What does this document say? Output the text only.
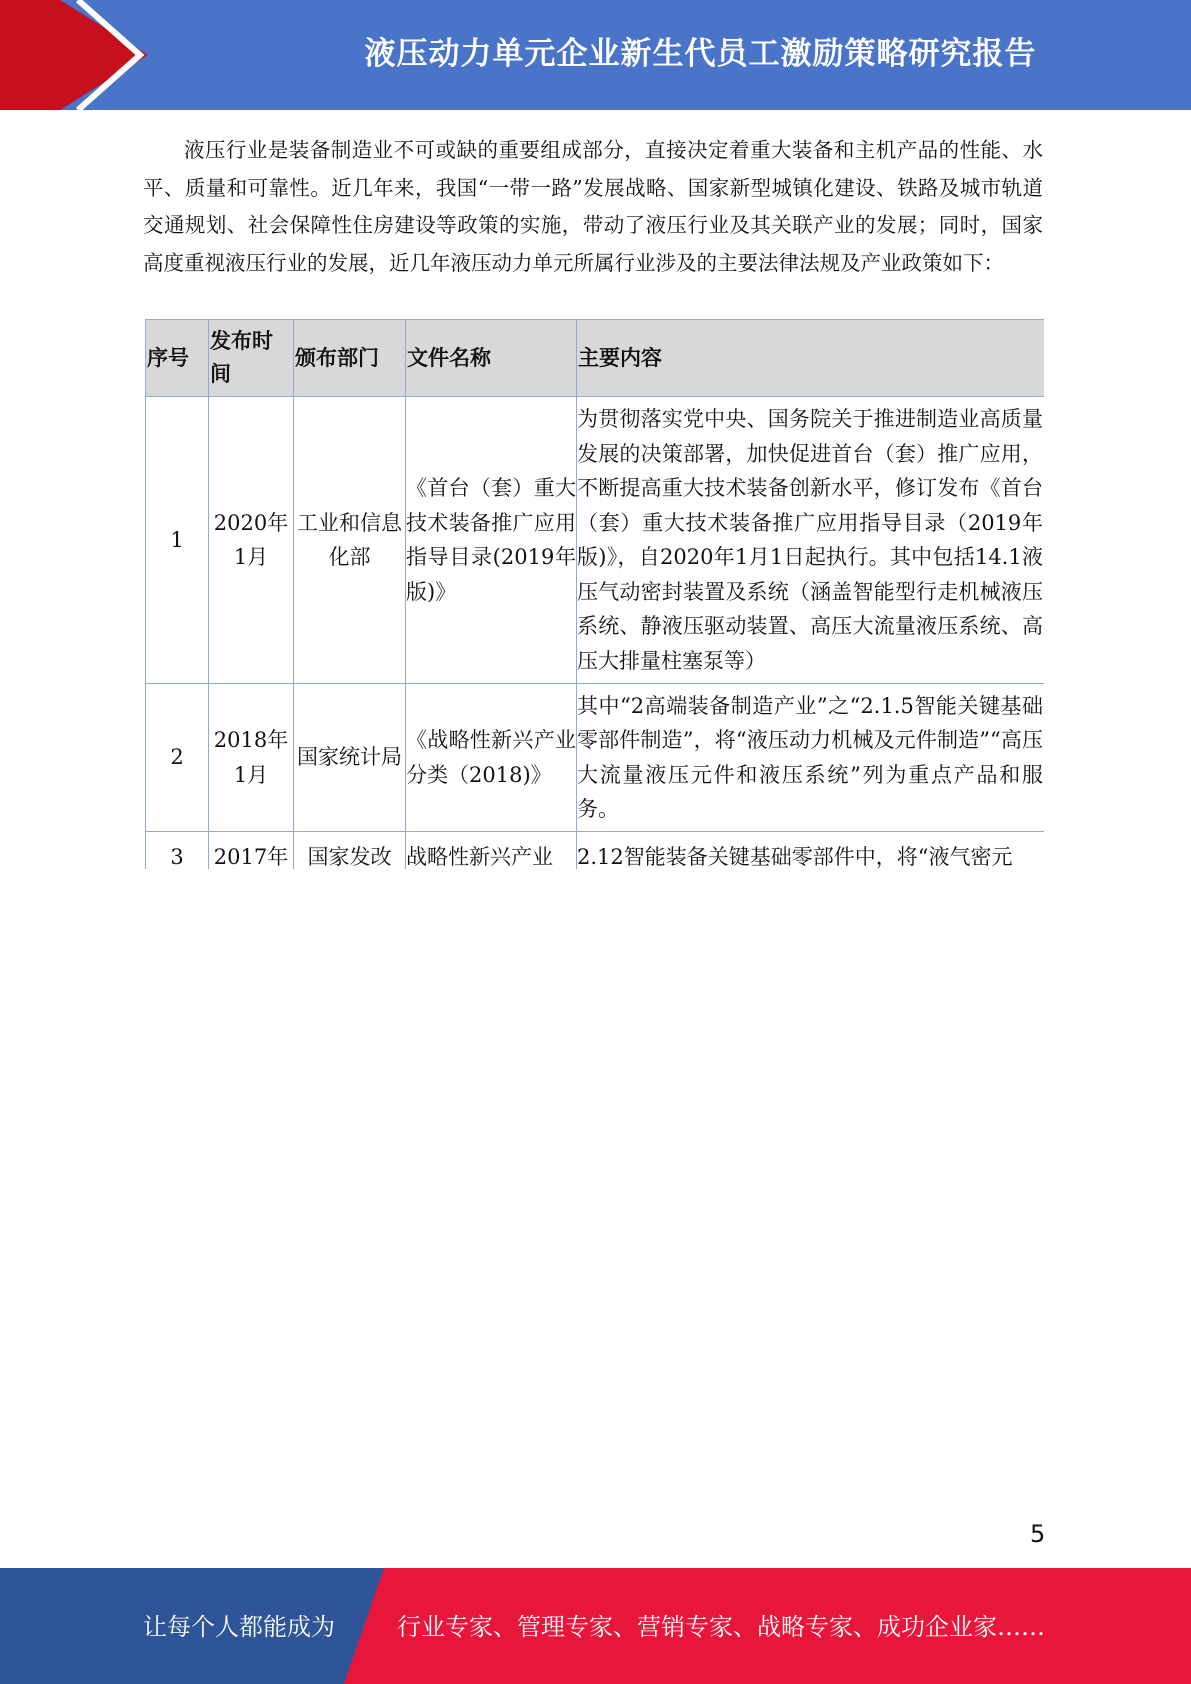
液压动力单元企业新生代员工激励策略研究报告

液压行业是装备制造业不可或缺的重要组成部分，直接决定着重大装备和主机产品的性能、水平、质量和可靠性。近几年来，我国“一带一路”发展战略、国家新型城镇化建设、铁路及城市轨道交通规划、社会保障性住房建设等政策的实施，带动了液压行业及其关联产业的发展；同时，国家高度重视液压行业的发展，近几年液压动力单元所属行业涉及的主要法律法规及产业政策如下：

序号	发布时间	颁布部门	文件名称	主要内容
1	2020年1月	工业和信息化部	《首台（套）重大技术装备推广应用指导目录(2019年版)》	为贯彻落实党中央、国务院关于推进制造业高质量发展的决策部署，加快促进首台（套）推广应用，不断提高重大技术装备创新水平，修订发布《首台（套）重大技术装备推广应用指导目录（2019年版)》，自2020年1月1日起执行。其中包括14.1液压气动密封装置及系统（涵盖智能型行走机械液压系统、静液压驱动装置、高压大流量液压系统、高压大排量柱塞泵等）
2	2018年1月	国家统计局	《战略性新兴产业分类（2018)》	其中“2高端装备制造产业”之“2.1.5智能关键基础零部件制造”，将“液压动力机械及元件制造”“高压大流量液压元件和液压系统”列为重点产品和服务。
3	2017年	国家发改	战略性新兴产业	2.12智能装备关键基础零部件中，将“液气密元
5
让每个人都能成为	行业专家、管理专家、营销专家、战略专家、成功企业家……
